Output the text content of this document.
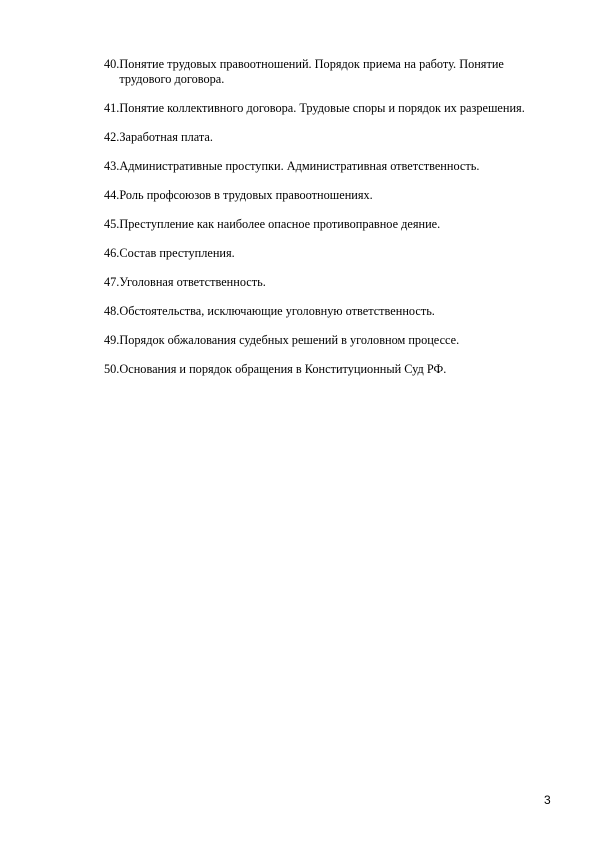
40. Понятие трудовых правоотношений. Порядок приема на работу. Понятие трудового договора.
41. Понятие коллективного договора. Трудовые споры и порядок их разрешения.
42. Заработная плата.
43. Административные проступки. Административная ответственность.
44. Роль профсоюзов в трудовых правоотношениях.
45. Преступление как наиболее опасное противоправное деяние.
46. Состав преступления.
47. Уголовная ответственность.
48. Обстоятельства, исключающие уголовную ответственность.
49. Порядок обжалования судебных решений в уголовном процессе.
50. Основания и порядок обращения в Конституционный Суд РФ.
3
